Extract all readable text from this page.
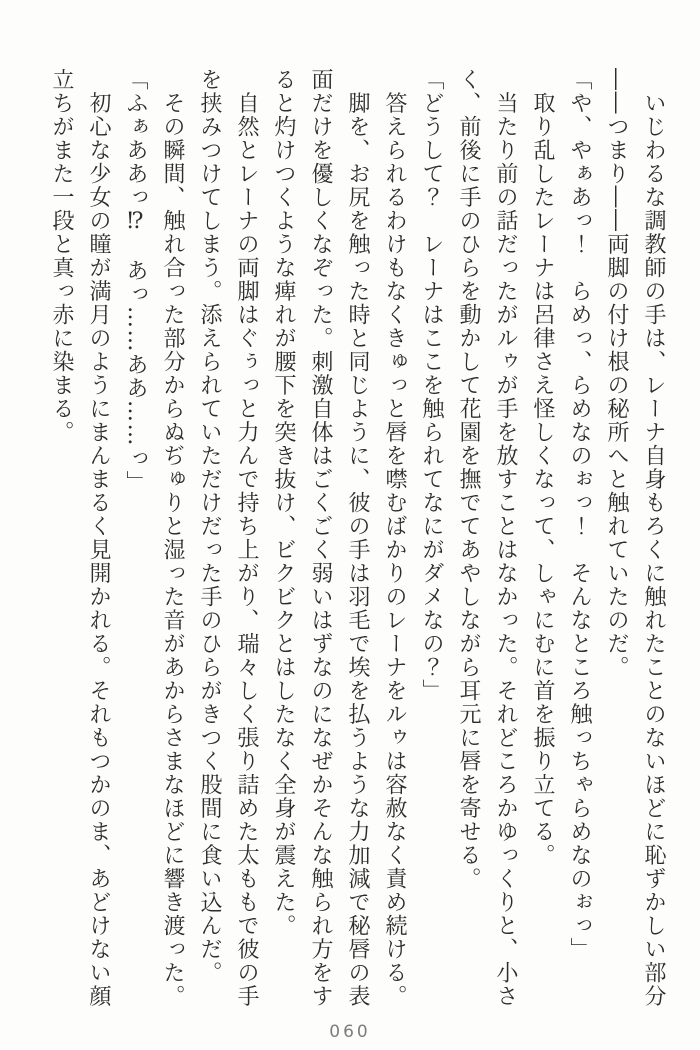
　いじわるな調教師の手は、レーナ自身もろくに触れたことのないほどに恥ずかしい部分

――つまり――両脚の付け根の秘所へと触れていたのだ。

「や、やぁあっ！　らめっ、らめなのぉっ！　そんなところ触っちゃらめなのぉっ」

　取り乱したレーナは呂律さえ怪しくなって、しゃにむに首を振り立てる。

　当たり前の話だったがルゥが手を放すことはなかった。それどころかゆっくりと、小さ

く、前後に手のひらを動かして花園を撫でてあやしながら耳元に唇を寄せる。

「どうして？　レーナはここを触られてなにがダメなの？」

　答えられるわけもなくきゅっと唇を噤むばかりのレーナをルゥは容赦なく責め続ける。

　脚を、お尻を触った時と同じように、彼の手は羽毛で埃を払うような力加減で秘唇の表

面だけを優しくなぞった。刺激自体はごくごく弱いはずなのになぜかそんな触られ方をす

ると灼けつくような痺れが腰下を突き抜け、ビクビクとはしたなく全身が震えた。

　自然とレーナの両脚はぐぅっと力んで持ち上がり、瑞々しく張り詰めた太ももで彼の手

を挟みつけてしまう。添えられていただけだった手のひらがきつく股間に食い込んだ。

　その瞬間、触れ合った部分からぬぢゅりと湿った音があからさまなほどに響き渡った。

「ふぁああっ⁉　あっ……ああ……っ」

　初心な少女の瞳が満月のようにまんまるく見開かれる。それもつかのま、あどけない顔

立ちがまた一段と真っ赤に染まる。

060
